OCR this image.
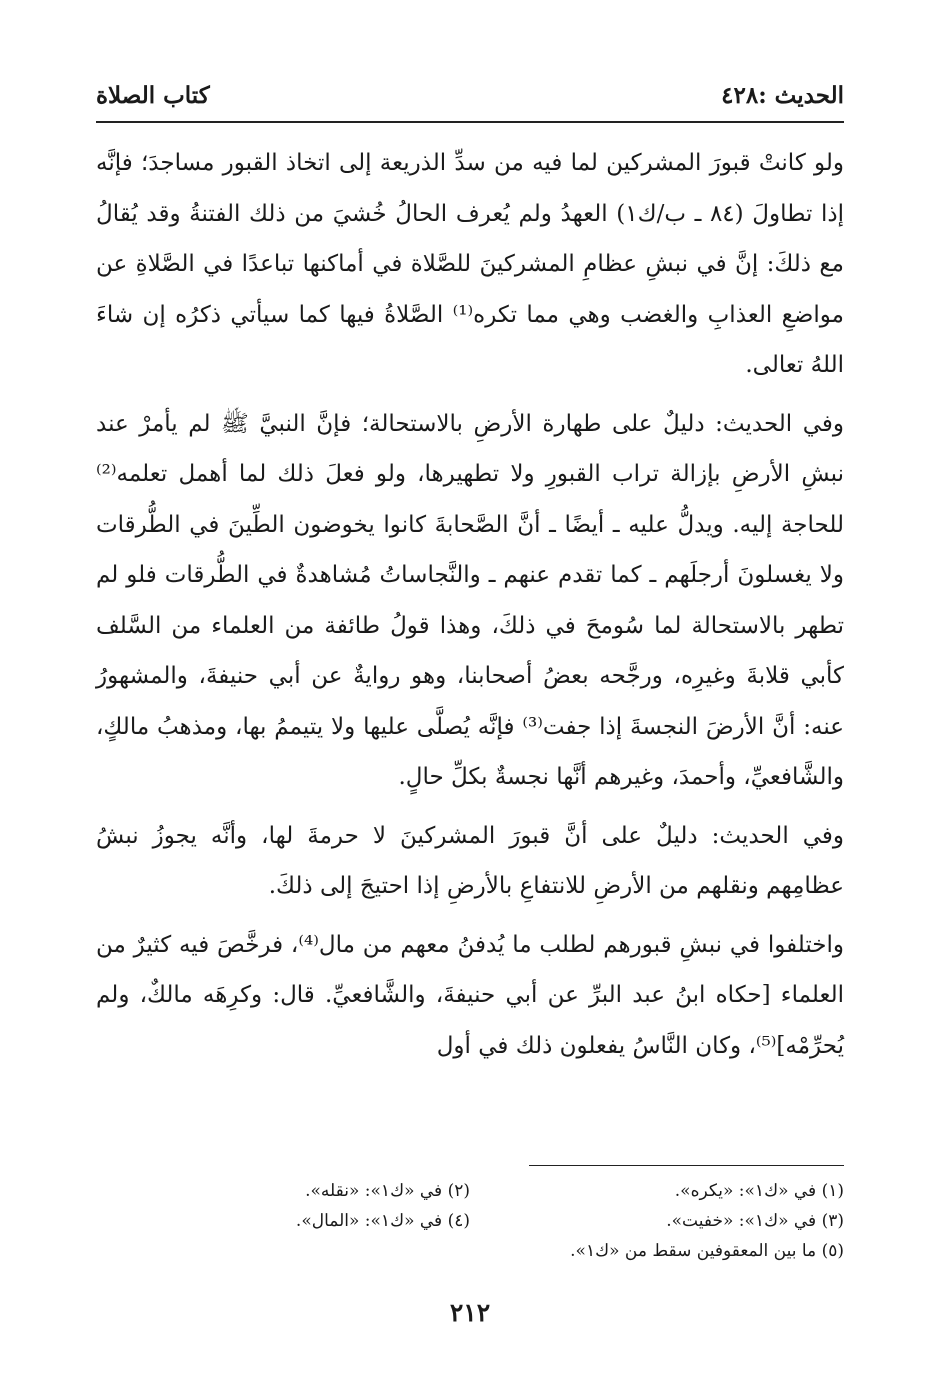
الحديث :٤٢٨
كتاب الصلاة

ولو كانتْ قبورَ المشركين لما فيه من سدِّ الذريعة إلى اتخاذ القبور مساجدَ؛ فإنَّه إذا تطاولَ (٨٤ ـ ب/ك١) العهدُ ولم يُعرف الحالُ خُشيَ من ذلك الفتنةُ وقد يُقالُ مع ذلكَ: إنَّ في نبشِ عظامِ المشركينَ للصَّلاة في أماكنها تباعدًا في الصَّلاةِ عن مواضعِ العذابِ والغضب وهي مما تكره⁽¹⁾ الصَّلاةُ فيها كما سيأتي ذكرُه إن شاءَ اللهُ تعالى.

وفي الحديث: دليلٌ على طهارة الأرضِ بالاستحالة؛ فإنَّ النبيَّ ﷺ لم يأمرْ عند نبشِ الأرضِ بإزالة تراب القبورِ ولا تطهيرها، ولو فعلَ ذلك لما أهمل تعلمه⁽²⁾ للحاجة إليه. ويدلُّ عليه ـ أيضًا ـ أنَّ الصَّحابةَ كانوا يخوضون الطِّينَ في الطُّرقات ولا يغسلونَ أرجلَهم ـ كما تقدم عنهم ـ والنَّجاساتُ مُشاهدةٌ في الطُّرقات فلو لم تطهر بالاستحالة لما سُومحَ في ذلكَ، وهذا قولُ طائفة من العلماء من السَّلف كأبي قلابةَ وغيرِه، ورجَّحه بعضُ أصحابنا، وهو روايةٌ عن أبي حنيفةَ، والمشهورُ عنه: أنَّ الأرضَ النجسةَ إذا جفت⁽³⁾ فإنَّه يُصلَّى عليها ولا يتيممُ بها، ومذهبُ مالكٍ، والشَّافعيِّ، وأحمدَ، وغيرهم أنَّها نجسةٌ بكلِّ حالٍ.

وفي الحديث: دليلٌ على أنَّ قبورَ المشركينَ لا حرمةَ لها، وأنَّه يجوزُ نبشُ عظامِهم ونقلهم من الأرضِ للانتفاعِ بالأرضِ إذا احتيجَ إلى ذلكَ.

واختلفوا في نبشِ قبورهم لطلب ما يُدفنُ معهم من مال⁽⁴⁾، فرخَّصَ فيه كثيرٌ من العلماء [حكاه ابنُ عبد البرِّ عن أبي حنيفةَ، والشَّافعيِّ. قال: وكرِهَه مالكٌ، ولم يُحرِّمْه]⁽⁵⁾، وكان النَّاسُ يفعلون ذلك في أول

(١) في «ك١»: «يكره».
(٢) في «ك١»: «نقله».
(٣) في «ك١»: «خفيت».
(٤) في «ك١»: «المال».
(٥) ما بين المعقوفين سقط من «ك١».
٢١٢
